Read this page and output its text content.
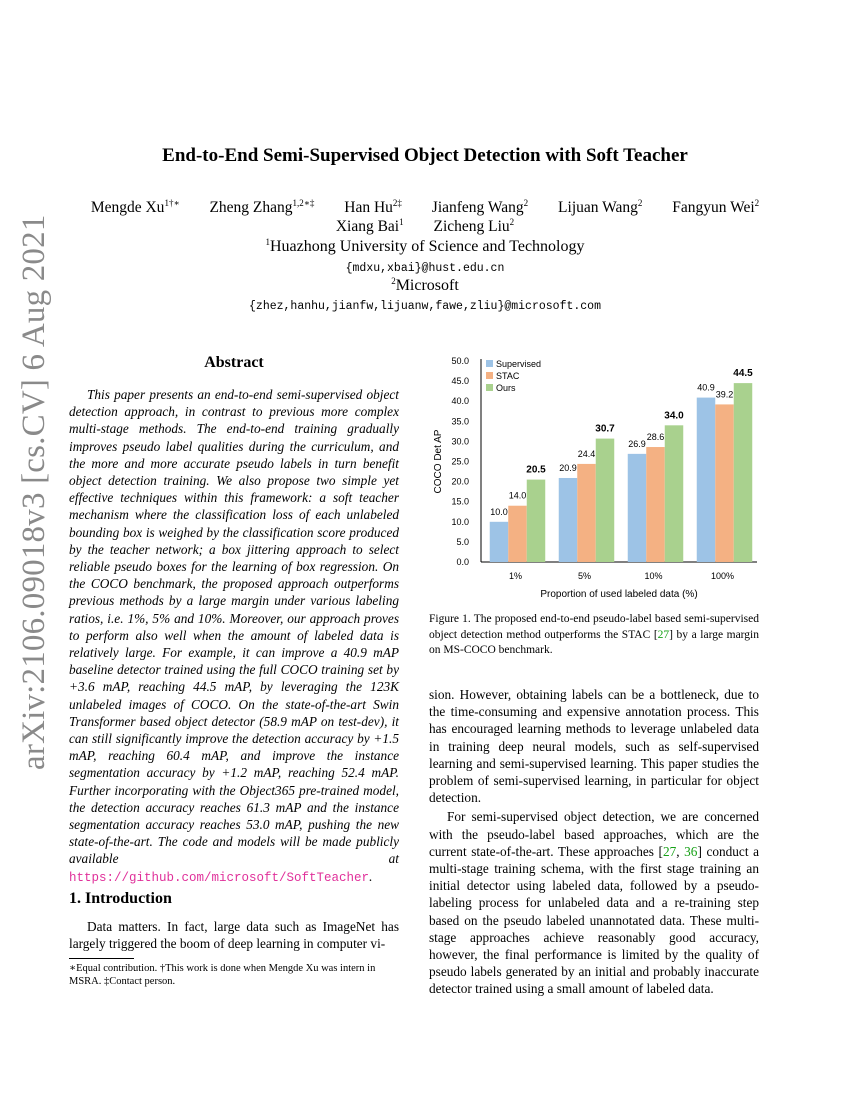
arXiv:2106.09018v3 [cs.CV] 6 Aug 2021
End-to-End Semi-Supervised Object Detection with Soft Teacher
Mengde $Xu^{1\dagger∗}$ Zheng Zhang$^{1,2∗\ddagger}$ Han $Hu^{2\ddagger}$ Jianfeng Wang$^2$ Lijuan Wang$^2$ Fangyun Wei$^2$
Xiang Bai$^1$ Zicheng Liu$^2$
$^1$Huazhong University of Science and Technology
{mdxu,xbai}@hust.edu.cn
$^2$Microsoft
{zhez,hanhu,jianfw,lijuanw,fawe,zliu}@microsoft.com
Abstract

This paper presents an end-to-end semi-supervised object detection approach, in contrast to previous more complex multi-stage methods. The end-to-end training gradually improves pseudo label qualities during the curriculum, and the more and more accurate pseudo labels in turn benefit object detection training. We also propose two simple yet effective techniques within this framework: a soft teacher mechanism where the classification loss of each unlabeled bounding box is weighed by the classification score produced by the teacher network; a box jittering approach to select reliable pseudo boxes for the learning of box regression. On the COCO benchmark, the proposed approach outperforms previous methods by a large margin under various labeling ratios, i.e. 1%, 5% and 10%. Moreover, our approach proves to perform also well when the amount of labeled data is relatively large. For example, it can improve a 40.9 mAP baseline detector trained using the full COCO training set by +3.6 mAP, reaching 44.5 mAP, by leveraging the 123K unlabeled images of COCO. On the state-of-the-art Swin Transformer based object detector (58.9 mAP on test-dev), it can still significantly improve the detection accuracy by +1.5 mAP, reaching 60.4 mAP, and improve the instance segmentation accuracy by +1.2 mAP, reaching 52.4 mAP. Further incorporating with the Object365 pre-trained model, the detection accuracy reaches 61.3 mAP and the instance segmentation accuracy reaches 53.0 mAP, pushing the new state-of-the-art. The code and models will be made publicly available at https://github.com/microsoft/SoftTeacher.

1. Introduction

Data matters. In fact, large data such as ImageNet has largely triggered the boom of deep learning in computer vi-

∗Equal contribution. †This work is done when Mengde Xu was intern in MSRA. ‡Contact person.
0.0
5.0
10.0
15.0
20.0
25.0
30.0
35.0
40.0
45.0
50.0
10.0
14.0
20.5
1%
20.9
24.4
30.7
5%
26.9
28.6
34.0
10%
40.9
39.2
44.5
100%
Proportion of used labeled data (%)
COCO Det AP
Supervised
STAC
Ours
Figure 1. The proposed end-to-end pseudo-label based semi-supervised object detection method outperforms the STAC [27] by a large margin on MS-COCO benchmark.

sion. However, obtaining labels can be a bottleneck, due to the time-consuming and expensive annotation process. This has encouraged learning methods to leverage unlabeled data in training deep neural models, such as self-supervised learning and semi-supervised learning. This paper studies the problem of semi-supervised learning, in particular for object detection.

For semi-supervised object detection, we are concerned with the pseudo-label based approaches, which are the current state-of-the-art. These approaches [27, 36] conduct a multi-stage training schema, with the first stage training an initial detector using labeled data, followed by a pseudo-labeling process for unlabeled data and a re-training step based on the pseudo labeled unannotated data. These multi-stage approaches achieve reasonably good accuracy, however, the final performance is limited by the quality of pseudo labels generated by an initial and probably inaccurate detector trained using a small amount of labeled data.
